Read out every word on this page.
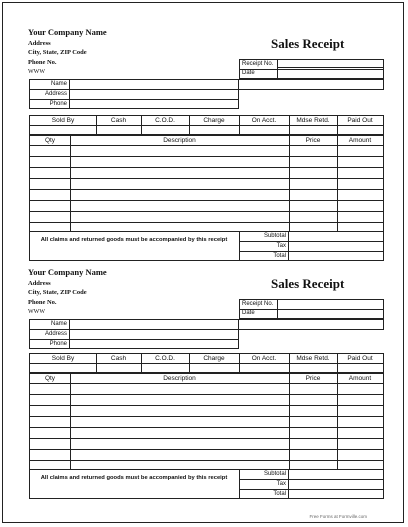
Your Company Name
Address
City, State, ZIP Code
Phone No.
WWW
Sales Receipt
Receipt No.
Date
Name
Address
Phone
Sold By	Cash	C.O.D.	Charge	On Acct.	Mdse Retd.	Paid Out
Qty	Description	Price	Amount
All claims and returned goods must be accompanied by this receipt
Subtotal
Tax
Total
Your Company Name
Address
City, State, ZIP Code
Phone No.
WWW
Sales Receipt
Receipt No.
Date
Name
Address
Phone
Sold By	Cash	C.O.D.	Charge	On Acct.	Mdse Retd.	Paid Out
Qty	Description	Price	Amount
All claims and returned goods must be accompanied by this receipt
Subtotal
Tax
Total
Free Forms at Formville.com
